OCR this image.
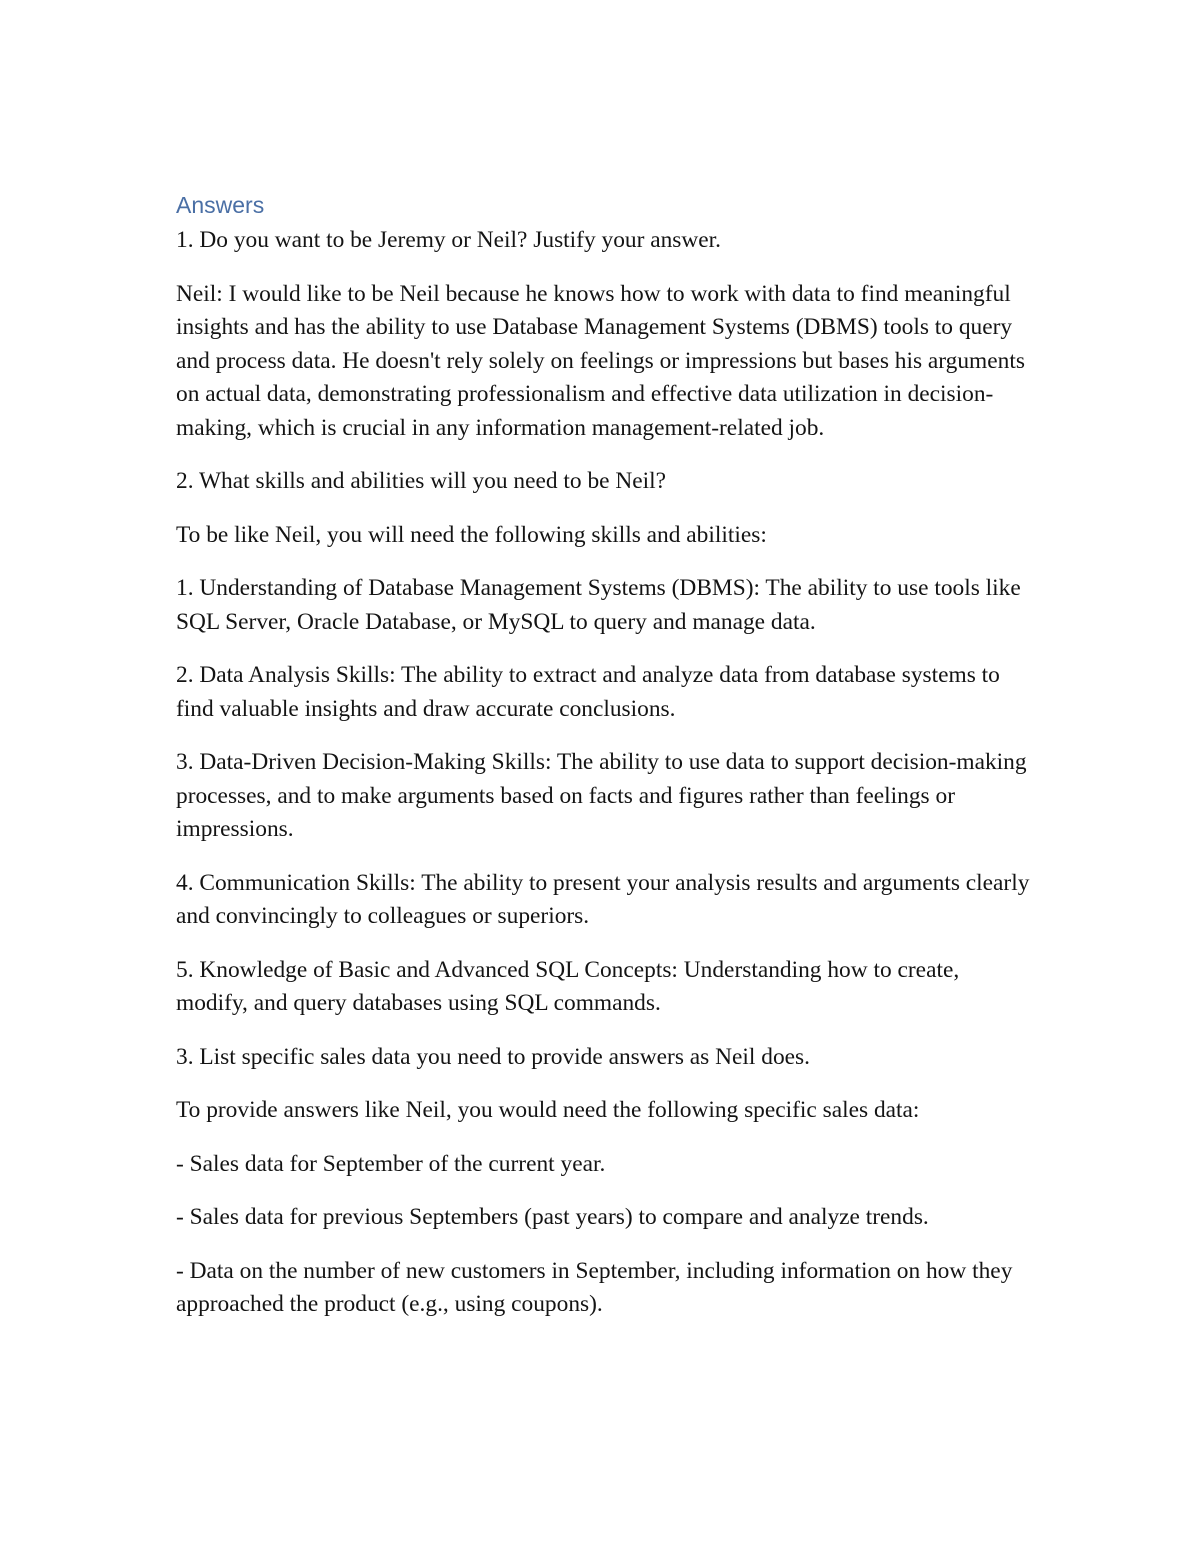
Answers

1. Do you want to be Jeremy or Neil? Justify your answer.

Neil: I would like to be Neil because he knows how to work with data to find meaningful insights and has the ability to use Database Management Systems (DBMS) tools to query and process data. He doesn't rely solely on feelings or impressions but bases his arguments on actual data, demonstrating professionalism and effective data utilization in decision-making, which is crucial in any information management-related job.

2. What skills and abilities will you need to be Neil?

To be like Neil, you will need the following skills and abilities:

1. Understanding of Database Management Systems (DBMS): The ability to use tools like SQL Server, Oracle Database, or MySQL to query and manage data.

2. Data Analysis Skills: The ability to extract and analyze data from database systems to find valuable insights and draw accurate conclusions.

3. Data-Driven Decision-Making Skills: The ability to use data to support decision-making processes, and to make arguments based on facts and figures rather than feelings or impressions.

4. Communication Skills: The ability to present your analysis results and arguments clearly and convincingly to colleagues or superiors.

5. Knowledge of Basic and Advanced SQL Concepts: Understanding how to create, modify, and query databases using SQL commands.

3. List specific sales data you need to provide answers as Neil does.

To provide answers like Neil, you would need the following specific sales data:

- Sales data for September of the current year.

- Sales data for previous Septembers (past years) to compare and analyze trends.

- Data on the number of new customers in September, including information on how they approached the product (e.g., using coupons).
